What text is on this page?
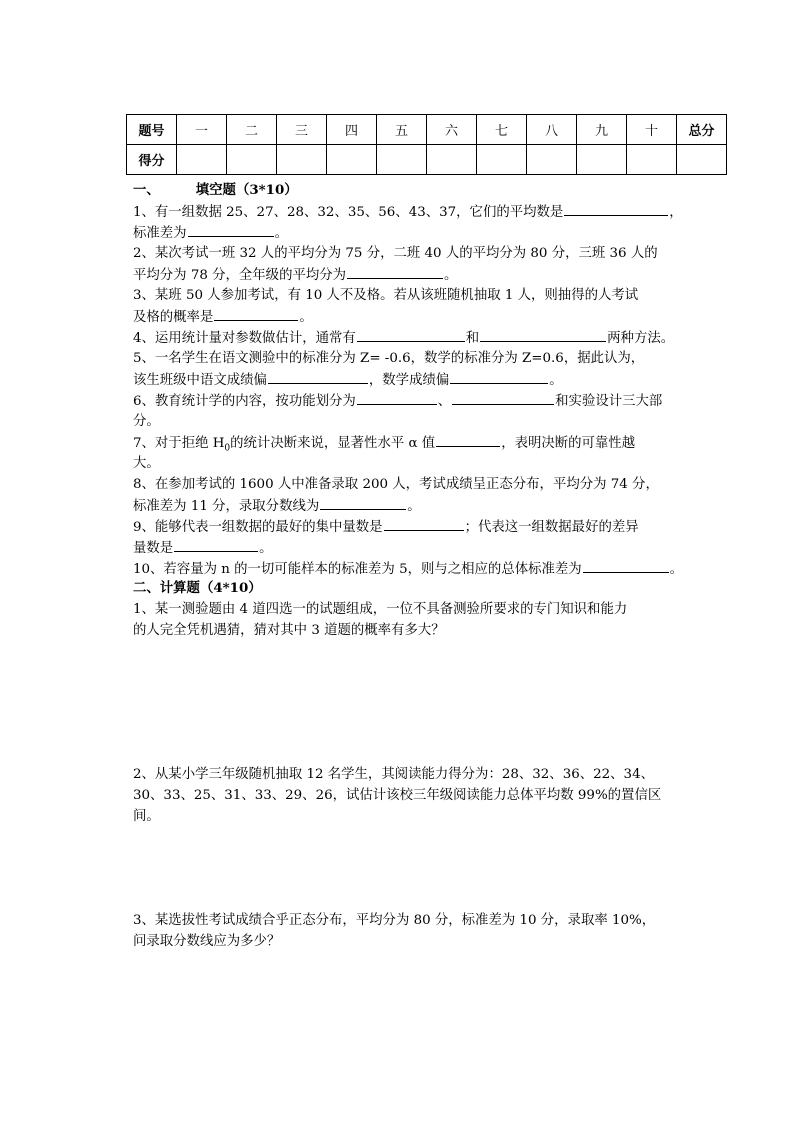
题号	一	二	三	四	五	六	七	八	九	十	总分
得分											
一、	填空题（3*10）
1、有一组数据 25、27、28、32、35、56、43、37，它们的平均数是	，
标准差为	。
2、某次考试一班 32 人的平均分为 75 分，二班 40 人的平均分为 80 分，三班 36 人的
平均分为 78 分，全年级的平均分为	。
3、某班 50 人参加考试，有 10 人不及格。若从该班随机抽取 1 人，则抽得的人考试
及格的概率是	。
4、运用统计量对参数做估计，通常有	和	两种方法。
5、一名学生在语文测验中的标准分为 Z= -0.6，数学的标准分为 Z=0.6，据此认为，
该生班级中语文成绩偏	，数学成绩偏	。
6、教育统计学的内容，按功能划分为	、	和实验设计三大部
分。
7、对于拒绝 $H_0$的统计决断来说，显著性水平 α 值	，表明决断的可靠性越
大。
8、在参加考试的 1600 人中准备录取 200 人，考试成绩呈正态分布，平均分为 74 分，
标准差为 11 分，录取分数线为	。
9、能够代表一组数据的最好的集中量数是	；代表这一组数据最好的差异
量数是	。
10、若容量为 n 的一切可能样本的标准差为 5，则与之相应的总体标准差为	。
二、计算题（4*10）
1、某一测验题由 4 道四选一的试题组成，一位不具备测验所要求的专门知识和能力
的人完全凭机遇猜，猜对其中 3 道题的概率有多大？
2、从某小学三年级随机抽取 12 名学生，其阅读能力得分为：28、32、36、22、34、
30、33、25、31、33、29、26，试估计该校三年级阅读能力总体平均数 99%的置信区
间。
3、某选拔性考试成绩合乎正态分布，平均分为 80 分，标准差为 10 分，录取率 10%，
问录取分数线应为多少？
